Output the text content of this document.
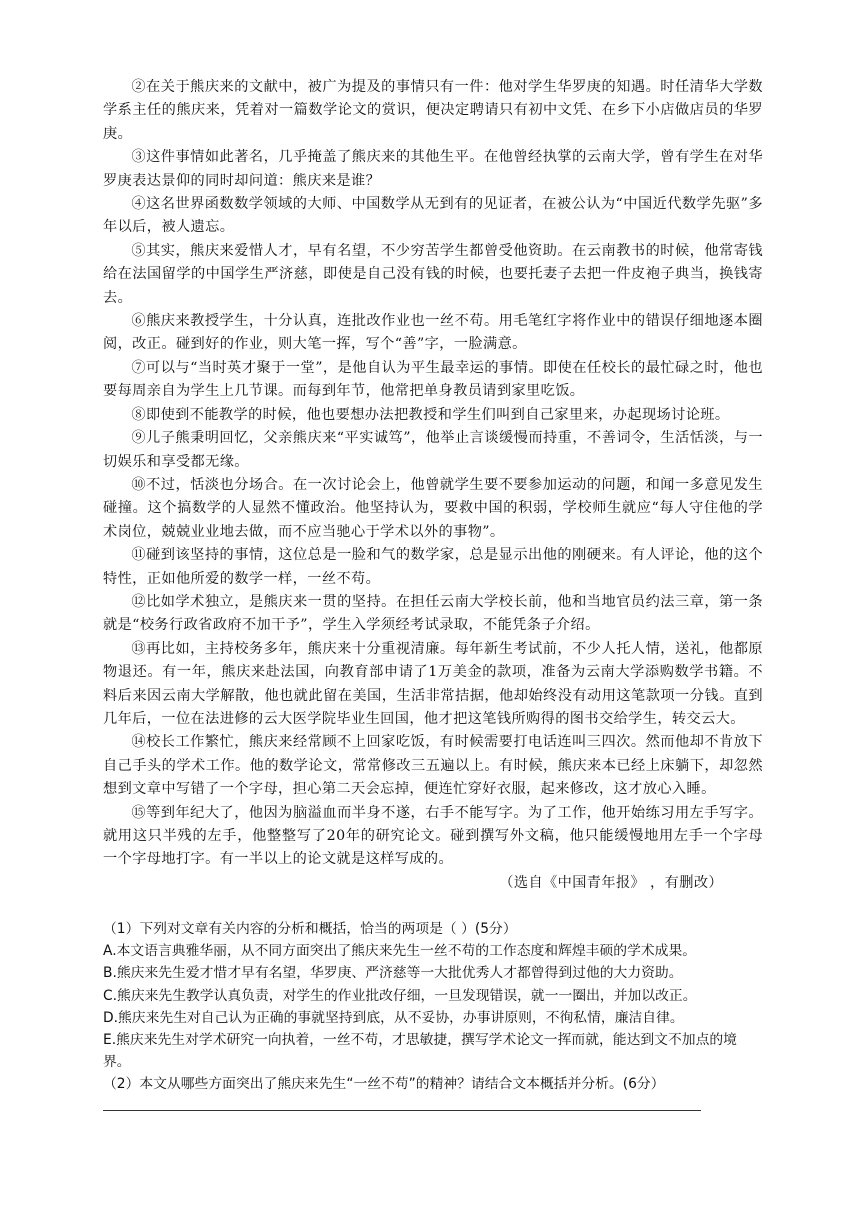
②在关于熊庆来的文献中，被广为提及的事情只有一件：他对学生华罗庚的知遇。时任清华大学数学系主任的熊庆来，凭着对一篇数学论文的赏识，便决定聘请只有初中文凭、在乡下小店做店员的华罗庚。

③这件事情如此著名，几乎掩盖了熊庆来的其他生平。在他曾经执掌的云南大学，曾有学生在对华罗庚表达景仰的同时却问道：熊庆来是谁？

④这名世界函数数学领域的大师、中国数学从无到有的见证者，在被公认为“中国近代数学先驱”多年以后，被人遗忘。

⑤其实，熊庆来爱惜人才，早有名望，不少穷苦学生都曾受他资助。在云南教书的时候，他常寄钱给在法国留学的中国学生严济慈，即使是自己没有钱的时候，也要托妻子去把一件皮袍子典当，换钱寄去。

⑥熊庆来教授学生，十分认真，连批改作业也一丝不苟。用毛笔红字将作业中的错误仔细地逐本圈阅，改正。碰到好的作业，则大笔一挥，写个“善”字，一脸满意。

⑦可以与“当时英才聚于一堂”，是他自认为平生最幸运的事情。即使在任校长的最忙碌之时，他也要每周亲自为学生上几节课。而每到年节，他常把单身教员请到家里吃饭。

⑧即使到不能教学的时候，他也要想办法把教授和学生们叫到自己家里来，办起现场讨论班。

⑨儿子熊秉明回忆，父亲熊庆来“平实诚笃”，他举止言谈缓慢而持重，不善词令，生活恬淡，与一切娱乐和享受都无缘。

⑩不过，恬淡也分场合。在一次讨论会上，他曾就学生要不要参加运动的问题，和闻一多意见发生碰撞。这个搞数学的人显然不懂政治。他坚持认为，要救中国的积弱，学校师生就应“每人守住他的学术岗位，兢兢业业地去做，而不应当驰心于学术以外的事物”。

⑪碰到该坚持的事情，这位总是一脸和气的数学家，总是显示出他的刚硬来。有人评论，他的这个特性，正如他所爱的数学一样，一丝不苟。

⑫比如学术独立，是熊庆来一贯的坚持。在担任云南大学校长前，他和当地官员约法三章，第一条就是“校务行政省政府不加干予”，学生入学须经考试录取，不能凭条子介绍。

⑬再比如，主持校务多年，熊庆来十分重视清廉。每年新生考试前，不少人托人情，送礼，他都原物退还。有一年，熊庆来赴法国，向教育部申请了1万美金的款项，准备为云南大学添购数学书籍。不料后来因云南大学解散，他也就此留在美国，生活非常拮据，他却始终没有动用这笔款项一分钱。直到几年后，一位在法进修的云大医学院毕业生回国，他才把这笔钱所购得的图书交给学生，转交云大。

⑭校长工作繁忙，熊庆来经常顾不上回家吃饭，有时候需要打电话连叫三四次。然而他却不肯放下自己手头的学术工作。他的数学论文，常常修改三五遍以上。有时候，熊庆来本已经上床躺下，却忽然想到文章中写错了一个字母，担心第二天会忘掉，便连忙穿好衣服，起来修改，这才放心入睡。

⑮等到年纪大了，他因为脑溢血而半身不遂，右手不能写字。为了工作，他开始练习用左手写字。就用这只半残的左手，他整整写了20年的研究论文。碰到撰写外文稿，他只能缓慢地用左手一个字母一个字母地打字。有一半以上的论文就是这样写成的。

（选自《中国青年报》 ，有删改）

（1）下列对文章有关内容的分析和概括，恰当的两项是（ ）(5分）

A.本文语言典雅华丽，从不同方面突出了熊庆来先生一丝不苟的工作态度和辉煌丰硕的学术成果。

B.熊庆来先生爱才惜才早有名望，华罗庚、严济慈等一大批优秀人才都曾得到过他的大力资助。

C.熊庆来先生教学认真负责，对学生的作业批改仔细，一旦发现错误，就一一圈出，并加以改正。

D.熊庆来先生对自己认为正确的事就坚持到底，从不妥协，办事讲原则，不徇私情，廉洁自律。

E.熊庆来先生对学术研究一向执着，一丝不苟，才思敏捷，撰写学术论文一挥而就，能达到文不加点的境界。

（2）本文从哪些方面突出了熊庆来先生“一丝不苟”的精神？请结合文本概括并分析。(6分）
